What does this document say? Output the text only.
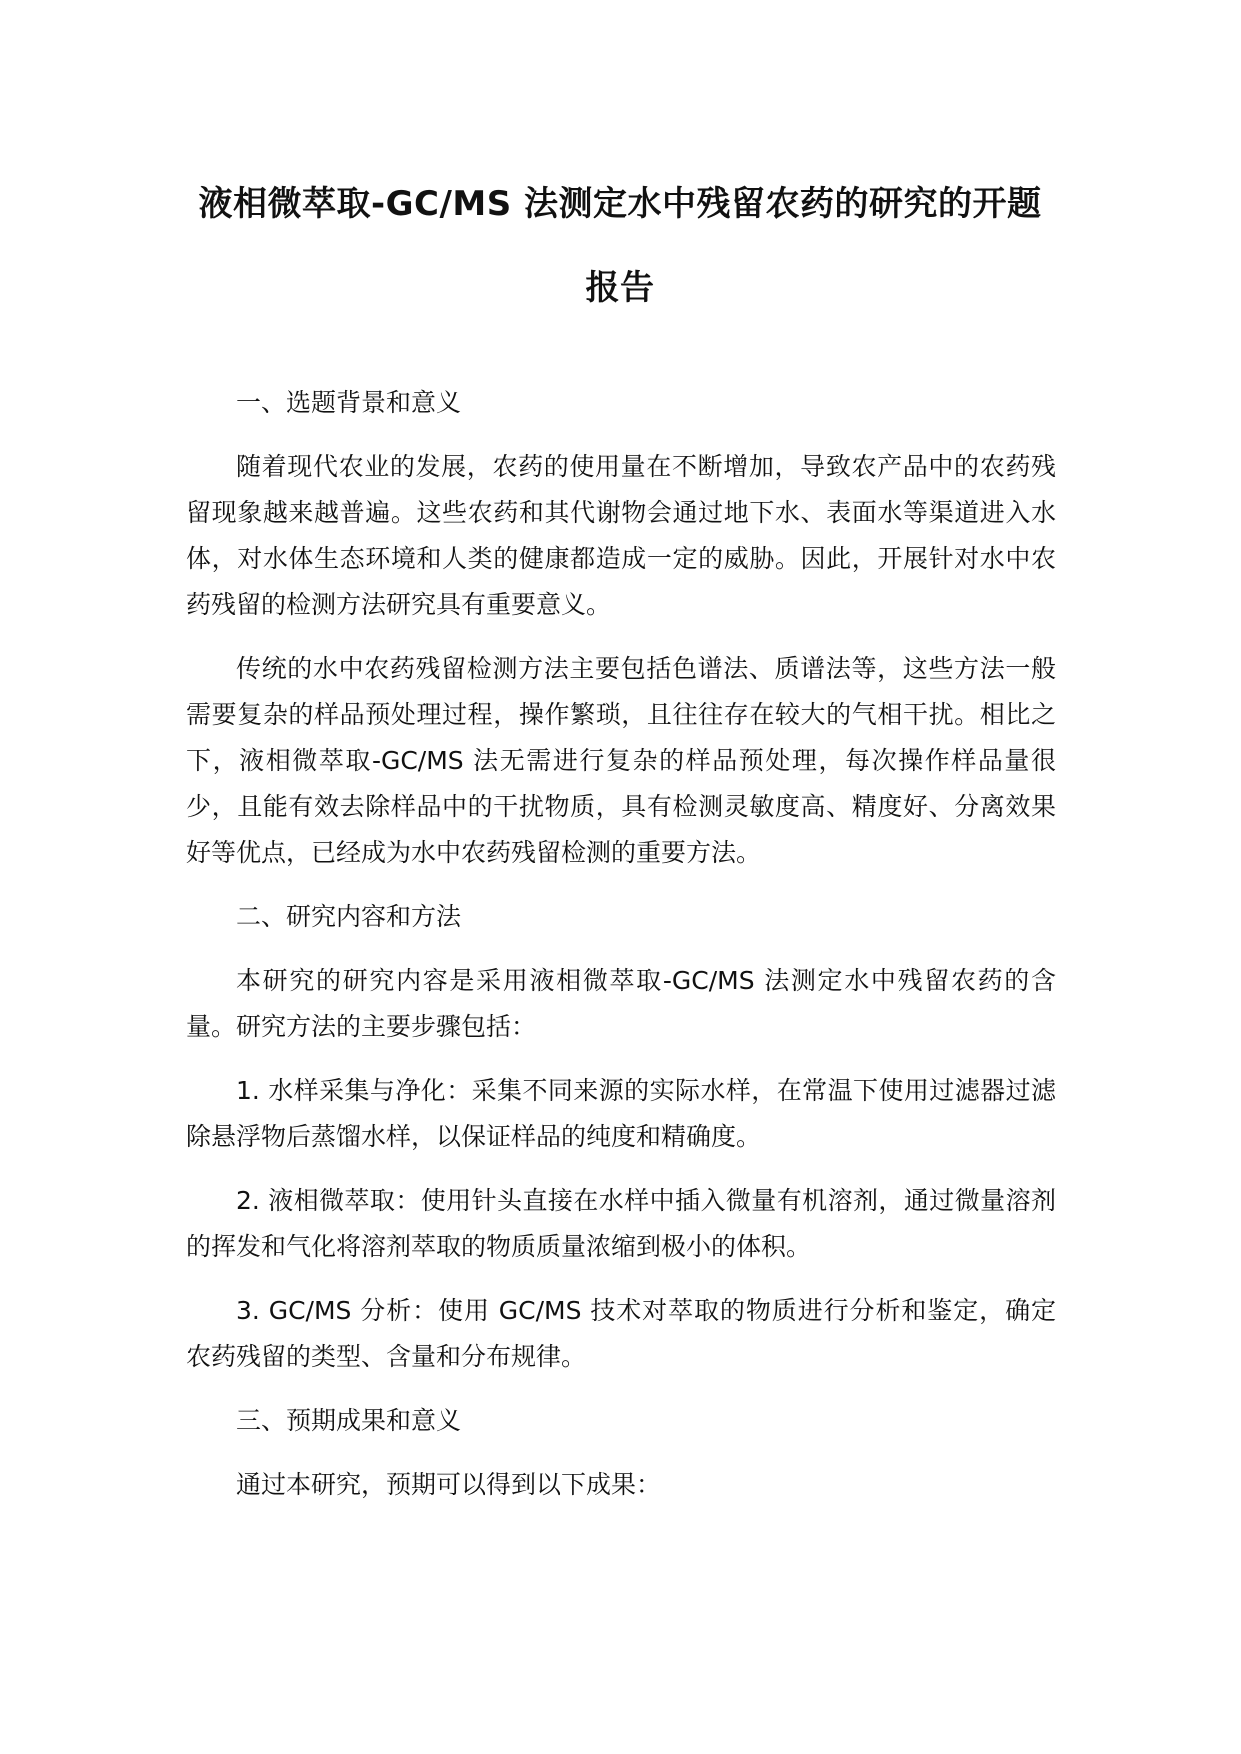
液相微萃取-GC/MS 法测定水中残留农药的研究的开题报告

一、选题背景和意义

随着现代农业的发展，农药的使用量在不断增加，导致农产品中的农药残留现象越来越普遍。这些农药和其代谢物会通过地下水、表面水等渠道进入水体，对水体生态环境和人类的健康都造成一定的威胁。因此，开展针对水中农药残留的检测方法研究具有重要意义。

传统的水中农药残留检测方法主要包括色谱法、质谱法等，这些方法一般需要复杂的样品预处理过程，操作繁琐，且往往存在较大的气相干扰。相比之下，液相微萃取-GC/MS 法无需进行复杂的样品预处理，每次操作样品量很少，且能有效去除样品中的干扰物质，具有检测灵敏度高、精度好、分离效果好等优点，已经成为水中农药残留检测的重要方法。

二、研究内容和方法

本研究的研究内容是采用液相微萃取-GC/MS 法测定水中残留农药的含量。研究方法的主要步骤包括：

1. 水样采集与净化：采集不同来源的实际水样，在常温下使用过滤器过滤除悬浮物后蒸馏水样，以保证样品的纯度和精确度。

2. 液相微萃取：使用针头直接在水样中插入微量有机溶剂，通过微量溶剂的挥发和气化将溶剂萃取的物质质量浓缩到极小的体积。

3. GC/MS 分析：使用 GC/MS 技术对萃取的物质进行分析和鉴定，确定农药残留的类型、含量和分布规律。

三、预期成果和意义

通过本研究，预期可以得到以下成果：
